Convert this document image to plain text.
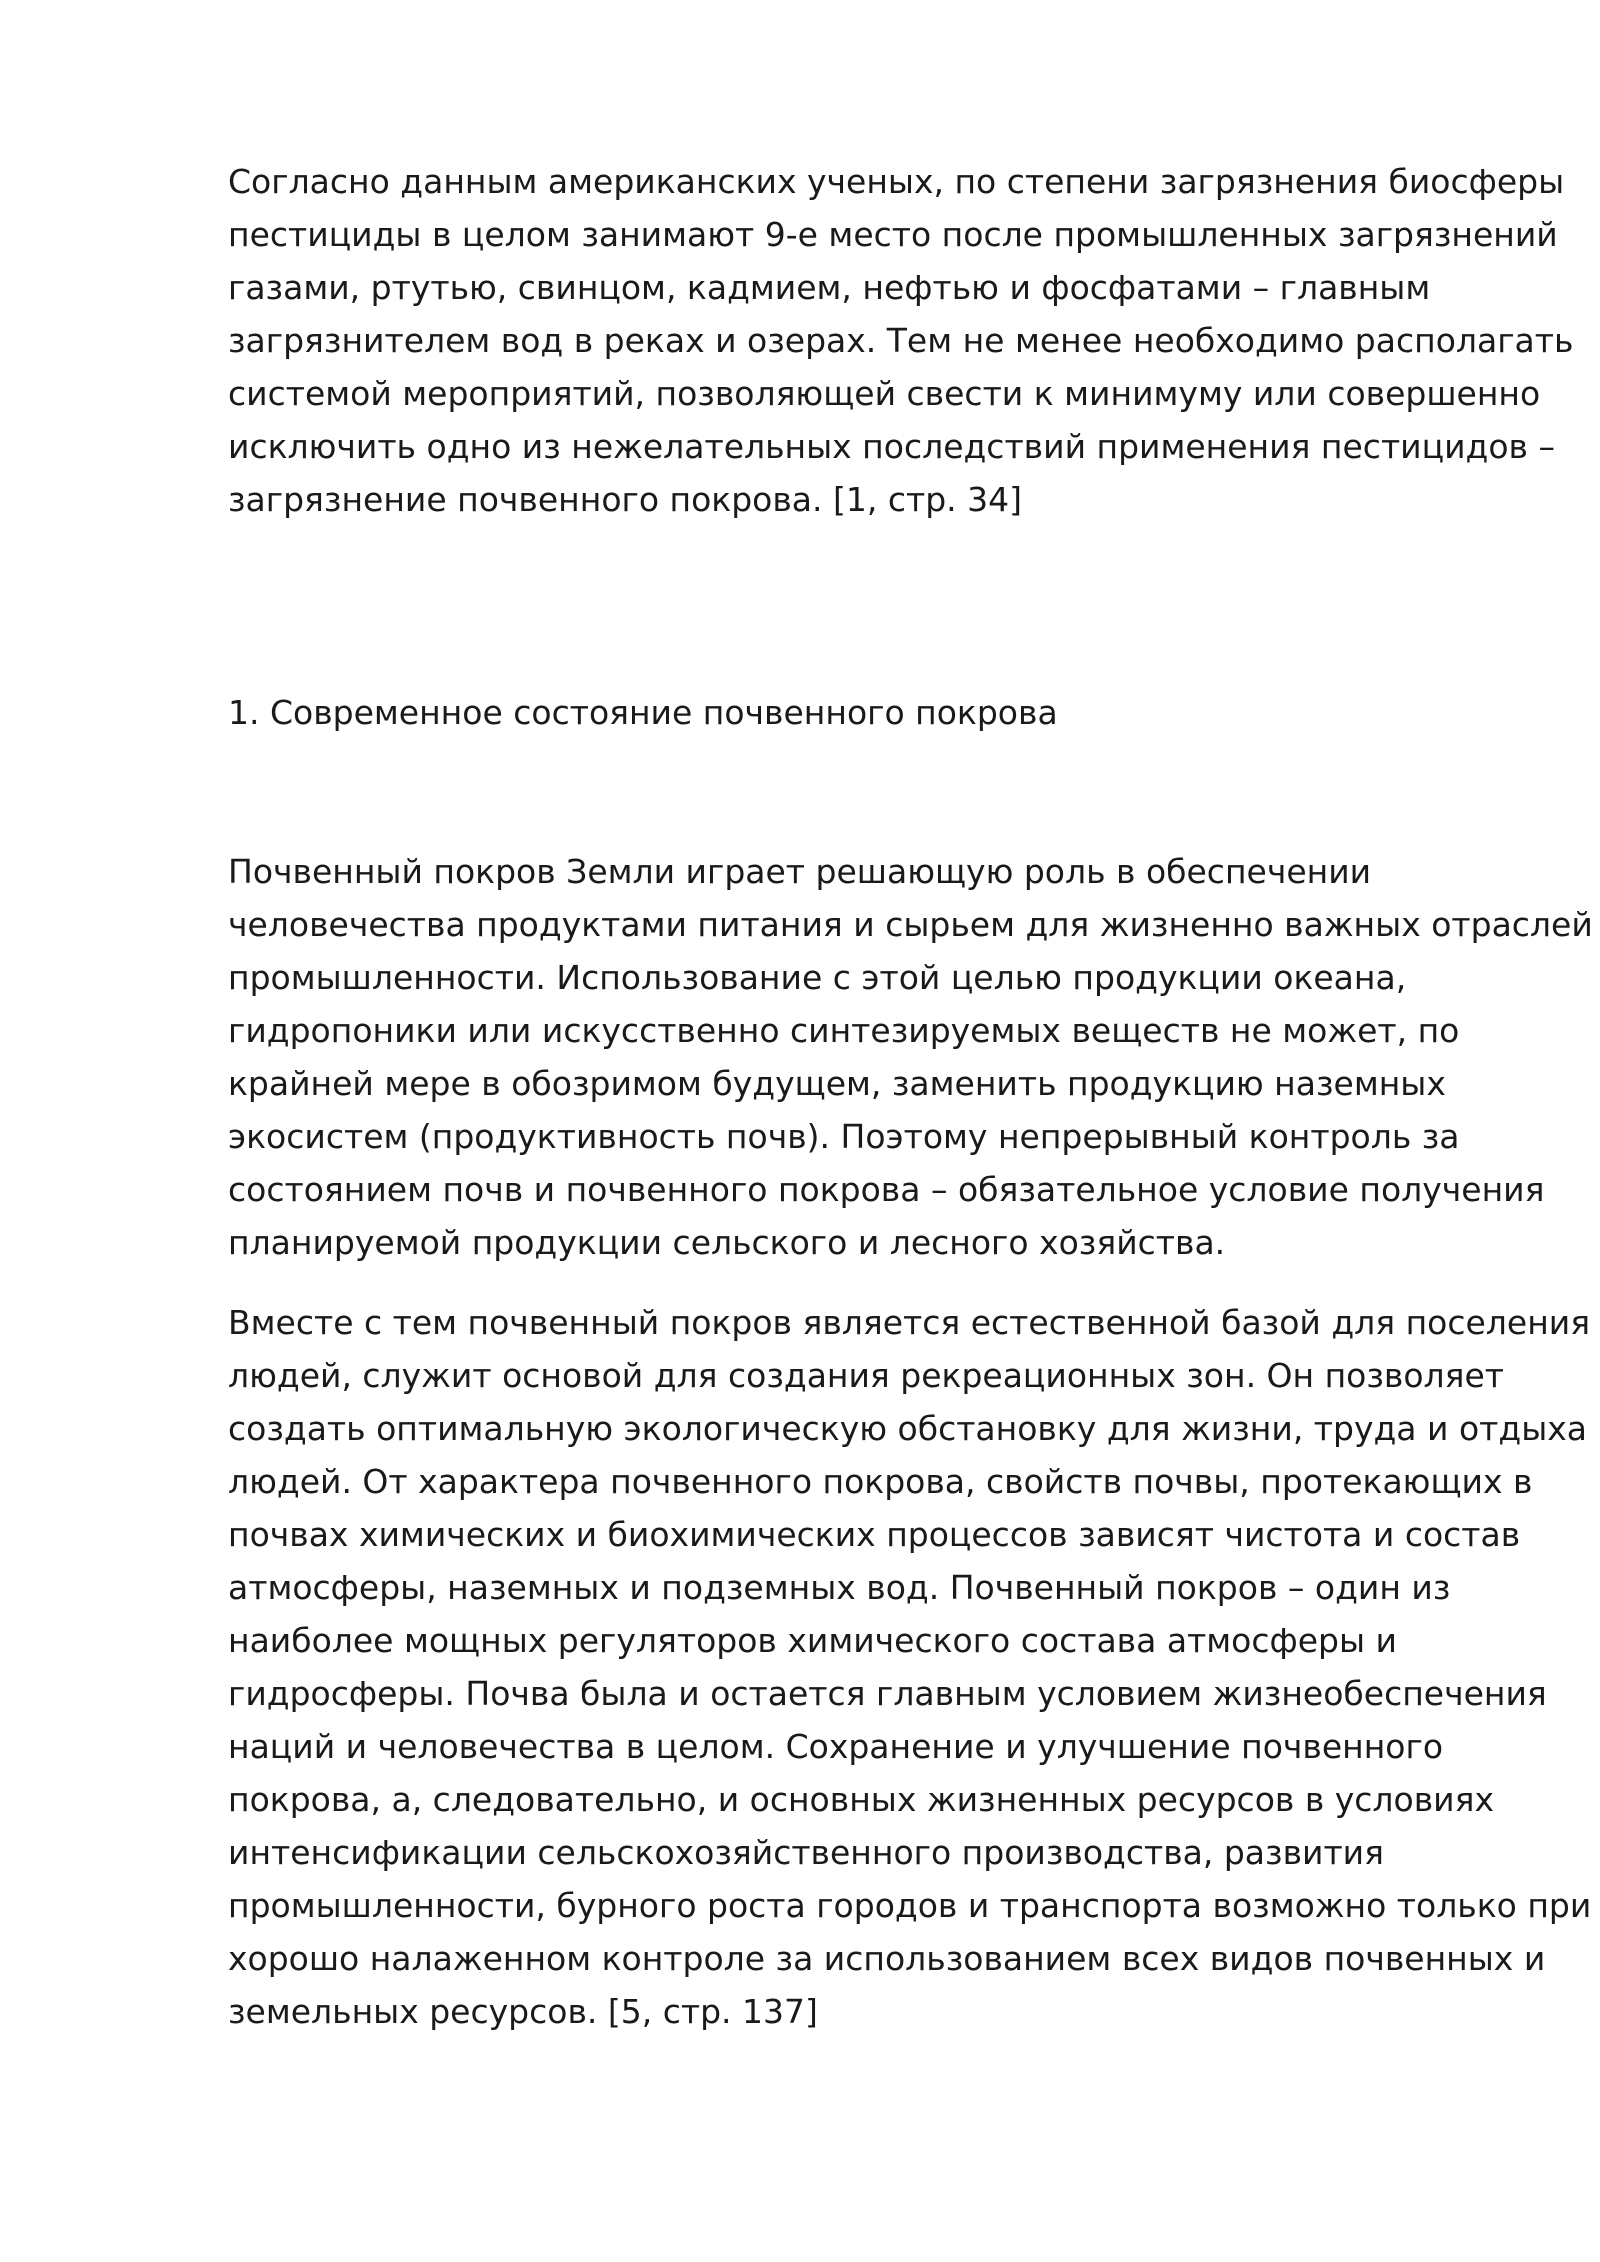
Согласно данным американских ученых, по степени загрязнения биосферы
пестициды в целом занимают 9-е место после промышленных загрязнений
газами, ртутью, свинцом, кадмием, нефтью и фосфатами – главным
загрязнителем вод в реках и озерах. Тем не менее необходимо располагать
системой мероприятий, позволяющей свести к минимуму или совершенно
исключить одно из нежелательных последствий применения пестицидов –
загрязнение почвенного покрова. [1, стр. 34]

1. Современное состояние почвенного покрова

Почвенный покров Земли играет решающую роль в обеспечении
человечества продуктами питания и сырьем для жизненно важных отраслей
промышленности. Использование с этой целью продукции океана,
гидропоники или искусственно синтезируемых веществ не может, по
крайней мере в обозримом будущем, заменить продукцию наземных
экосистем (продуктивность почв). Поэтому непрерывный контроль за
состоянием почв и почвенного покрова – обязательное условие получения
планируемой продукции сельского и лесного хозяйства.

Вместе с тем почвенный покров является естественной базой для поселения
людей, служит основой для создания рекреационных зон. Он позволяет
создать оптимальную экологическую обстановку для жизни, труда и отдыха
людей. От характера почвенного покрова, свойств почвы, протекающих в
почвах химических и биохимических процессов зависят чистота и состав
атмосферы, наземных и подземных вод. Почвенный покров – один из
наиболее мощных регуляторов химического состава атмосферы и
гидросферы. Почва была и остается главным условием жизнеобеспечения
наций и человечества в целом. Сохранение и улучшение почвенного
покрова, а, следовательно, и основных жизненных ресурсов в условиях
интенсификации сельскохозяйственного производства, развития
промышленности, бурного роста городов и транспорта возможно только при
хорошо налаженном контроле за использованием всех видов почвенных и
земельных ресурсов. [5, стр. 137]
